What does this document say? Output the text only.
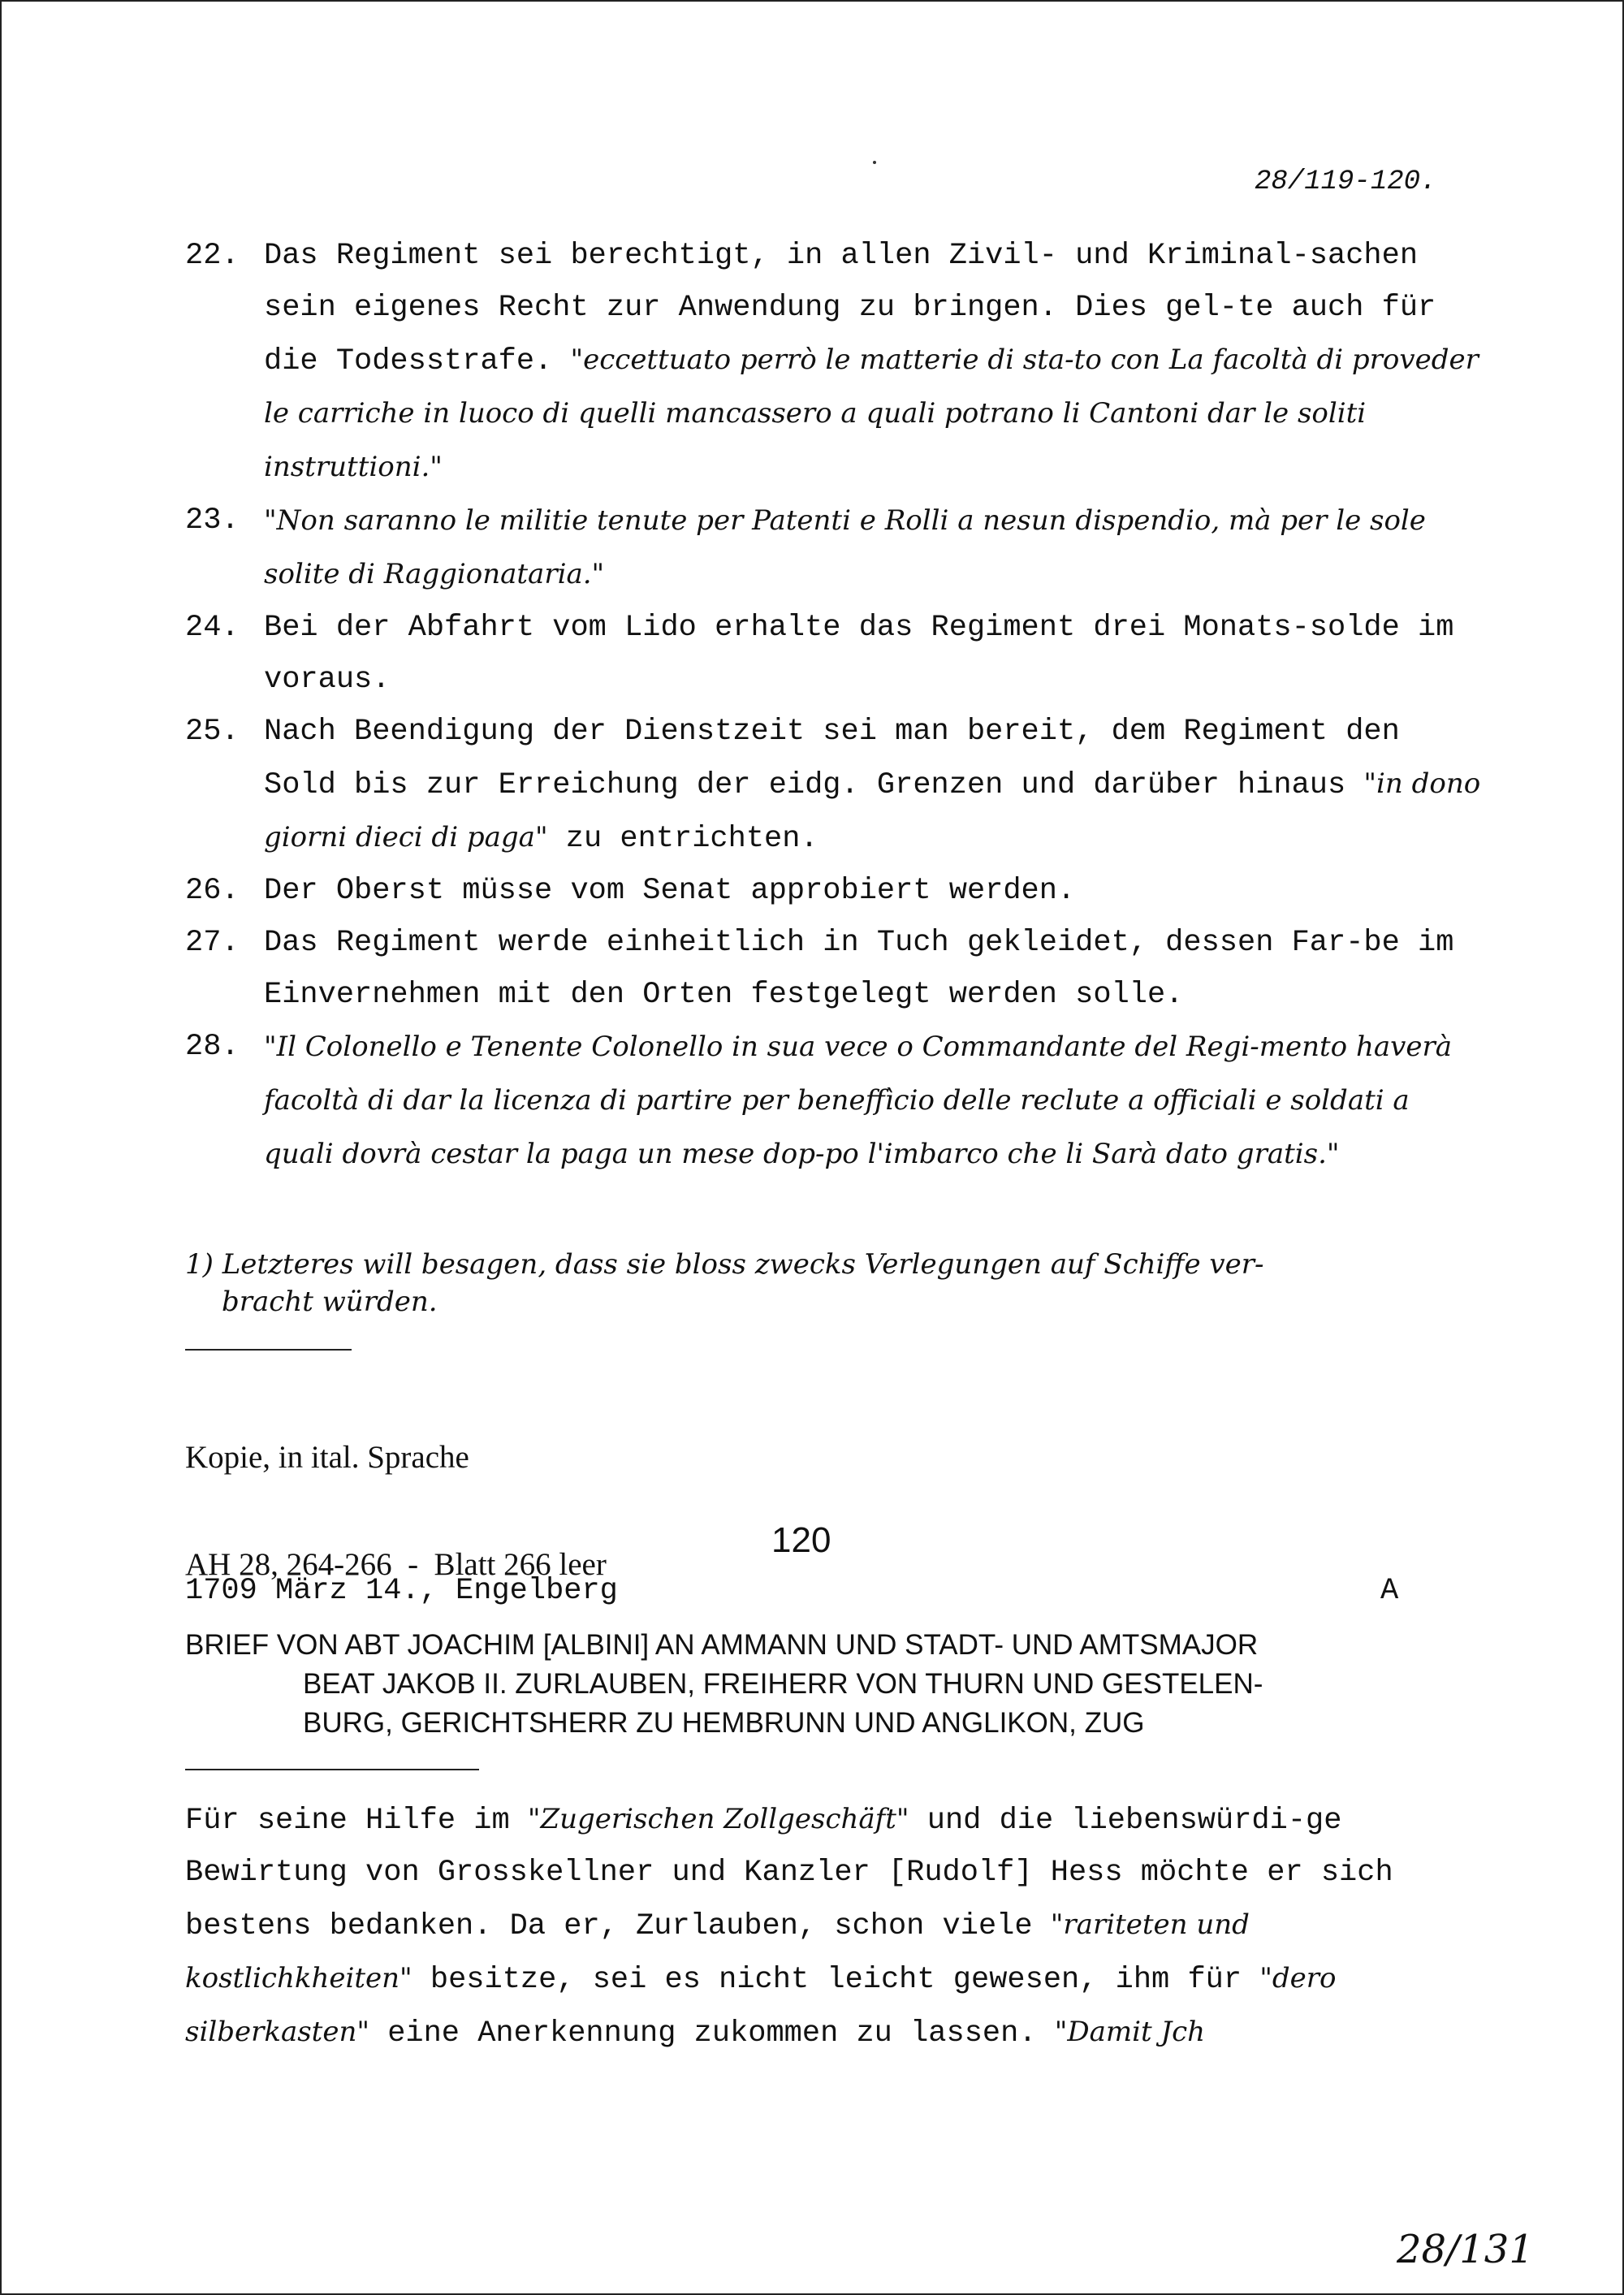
28/119-120.
22. Das Regiment sei berechtigt, in allen Zivil- und Kriminal-sachen sein eigenes Recht zur Anwendung zu bringen. Dies gel-te auch für die Todesstrafe. "eccettuato perrò le matterie di sta-to con La facoltà di proveder le carriche in luoco di quelli mancassero a quali potrano li Cantoni dar le soliti instruttioni."
23. "Non saranno le militie tenute per Patenti e Rolli a nesun dispendio, mà per le sole solite di Raggionataria."
24. Bei der Abfahrt vom Lido erhalte das Regiment drei Monats-solde im voraus.
25. Nach Beendigung der Dienstzeit sei man bereit, dem Regiment den Sold bis zur Erreichung der eidg. Grenzen und darüber hinaus "in dono giorni dieci di paga" zu entrichten.
26. Der Oberst müsse vom Senat approbiert werden.
27. Das Regiment werde einheitlich in Tuch gekleidet, dessen Far-be im Einvernehmen mit den Orten festgelegt werden solle.
28. "Il Colonello e Tenente Colonello in sua vece o Commandante del Regi-mento haverà facoltà di dar la licenza di partire per beneffìcio delle reclute a officiali e soldati a quali dovrà cestar la paga un mese dop-po l'imbarco che li Sarà dato gratis."
1) Letzteres will besagen, dass sie bloss zwecks Verlegungen auf Schiffe ver-
bracht würden.

Kopie, in ital. Sprache

AH 28, 264-266  -  Blatt 266 leer

120
1709 März 14., Engelberg	A
BRIEF VON ABT JOACHIM [ALBINI] AN AMMANN UND STADT- UND AMTSMAJOR
BEAT JAKOB II. ZURLAUBEN, FREIHERR VON THURN UND GESTELEN-
BURG, GERICHTSHERR ZU HEMBRUNN UND ANGLIKON, ZUG
Für seine Hilfe im "Zugerischen Zollgeschäft" und die liebenswürdi-ge Bewirtung von Grosskellner und Kanzler [Rudolf] Hess möchte er sich bestens bedanken. Da er, Zurlauben, schon viele "rariteten und kostlichkheiten" besitze, sei es nicht leicht gewesen, ihm für "dero silberkasten" eine Anerkennung zukommen zu lassen. "Damit Jch
28/131
